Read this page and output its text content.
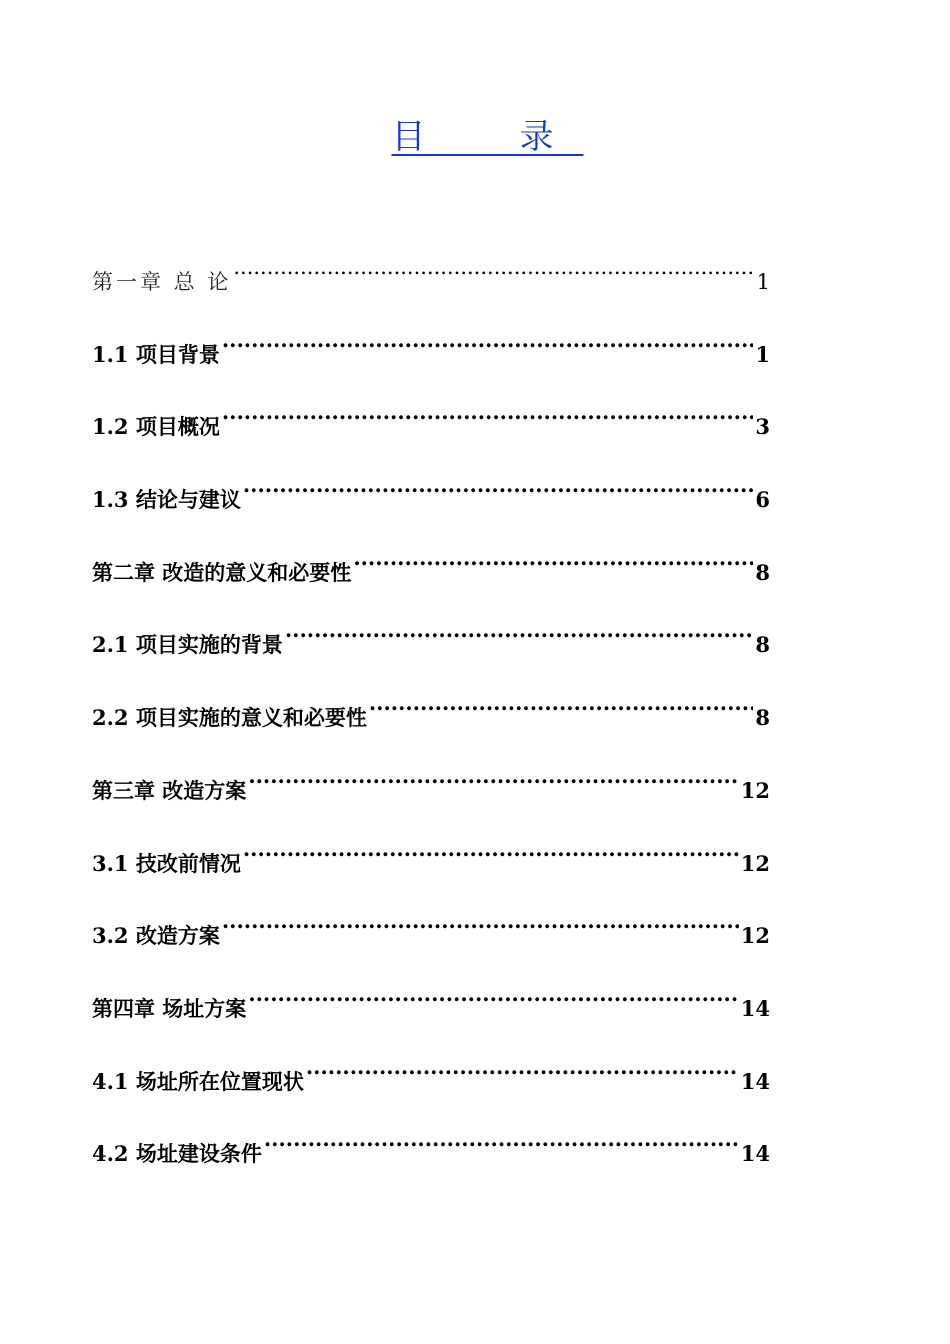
目　录
第一章 总 论 .....	1
1.1 项目背景 .....	1
1.2 项目概况 .....	3
1.3 结论与建议 .....	6
第二章 改造的意义和必要性 .....	8
2.1 项目实施的背景 .....	8
2.2 项目实施的意义和必要性 .....	8
第三章 改造方案 .....	12
3.1 技改前情况 .....	12
3.2 改造方案 .....	12
第四章 场址方案 .....	14
4.1 场址所在位置现状 .....	14
4.2 场址建设条件 .....	14
